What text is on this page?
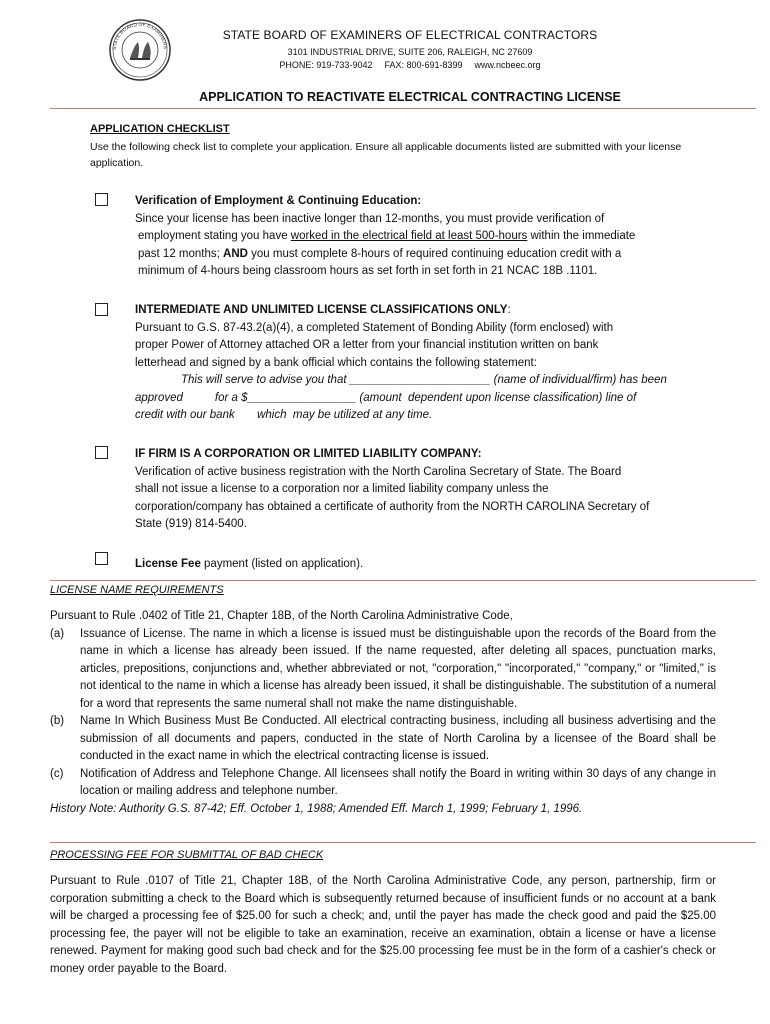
STATE BOARD OF EXAMINERS
STATE BOARD OF EXAMINERS OF ELECTRICAL CONTRACTORS
3101 INDUSTRIAL DRIVE, SUITE 206, RALEIGH, NC 27609
PHONE: 919-733-9042 FAX: 800-691-8399 www.ncbeec.org
APPLICATION TO REACTIVATE ELECTRICAL CONTRACTING LICENSE
APPLICATION CHECKLIST
Use the following check list to complete your application. Ensure all applicable documents listed are submitted with your license application.
Verification of Employment & Continuing Education:
Since your license has been inactive longer than 12-months, you must provide verification of
employment stating you have worked in the electrical field at least 500-hours within the immediate
past 12 months; AND you must complete 8-hours of required continuing education credit with a
minimum of 4-hours being classroom hours as set forth in set forth in 21 NCAC 18B .1101.
INTERMEDIATE AND UNLIMITED LICENSE CLASSIFICATIONS ONLY:
Pursuant to G.S. 87-43.2(a)(4), a completed Statement of Bonding Ability (form enclosed) with
proper Power of Attorney attached OR a letter from your financial institution written on bank
letterhead and signed by a bank official which contains the following statement:
This will serve to advise you that ______________________ (name of individual/firm) has been
approved          for a $_________________ (amount  dependent upon license classification) line of
credit with our bank       which  may be utilized at any time.
IF FIRM IS A CORPORATION OR LIMITED LIABILITY COMPANY:
Verification of active business registration with the North Carolina Secretary of State. The Board
shall not issue a license to a corporation nor a limited liability company unless the
corporation/company has obtained a certificate of authority from the NORTH CAROLINA Secretary of
State (919) 814-5400.
License Fee payment (listed on application).
LICENSE NAME REQUIREMENTS
Pursuant to Rule .0402 of Title 21, Chapter 18B, of the North Carolina Administrative Code,
(a)	Issuance of License. The name in which a license is issued must be distinguishable upon the records of the Board from the name in which a license has already been issued. If the name requested, after deleting all spaces, punctuation marks, articles, prepositions, conjunctions and, whether abbreviated or not, "corporation," "incorporated," "company," or "limited," is not identical to the name in which a license has already been issued, it shall be distinguishable. The substitution of a numeral for a word that represents the same numeral shall not make the name distinguishable.
(b)	Name In Which Business Must Be Conducted. All electrical contracting business, including all business advertising and the submission of all documents and papers, conducted in the state of North Carolina by a licensee of the Board shall be conducted in the exact name in which the electrical contracting license is issued.
(c)	Notification of Address and Telephone Change. All licensees shall notify the Board in writing within 30 days of any change in location or mailing address and telephone number.
History Note: Authority G.S. 87-42; Eff. October 1, 1988; Amended Eff. March 1, 1999; February 1, 1996.
PROCESSING FEE FOR SUBMITTAL OF BAD CHECK
Pursuant to Rule .0107 of Title 21, Chapter 18B, of the North Carolina Administrative Code, any person, partnership, firm or corporation submitting a check to the Board which is subsequently returned because of insufficient funds or no account at a bank will be charged a processing fee of $25.00 for such a check; and, until the payer has made the check good and paid the $25.00 processing fee, the payer will not be eligible to take an examination, receive an examination, obtain a license or have a license renewed. Payment for making good such bad check and for the $25.00 processing fee must be in the form of a cashier's check or money order payable to the Board.
